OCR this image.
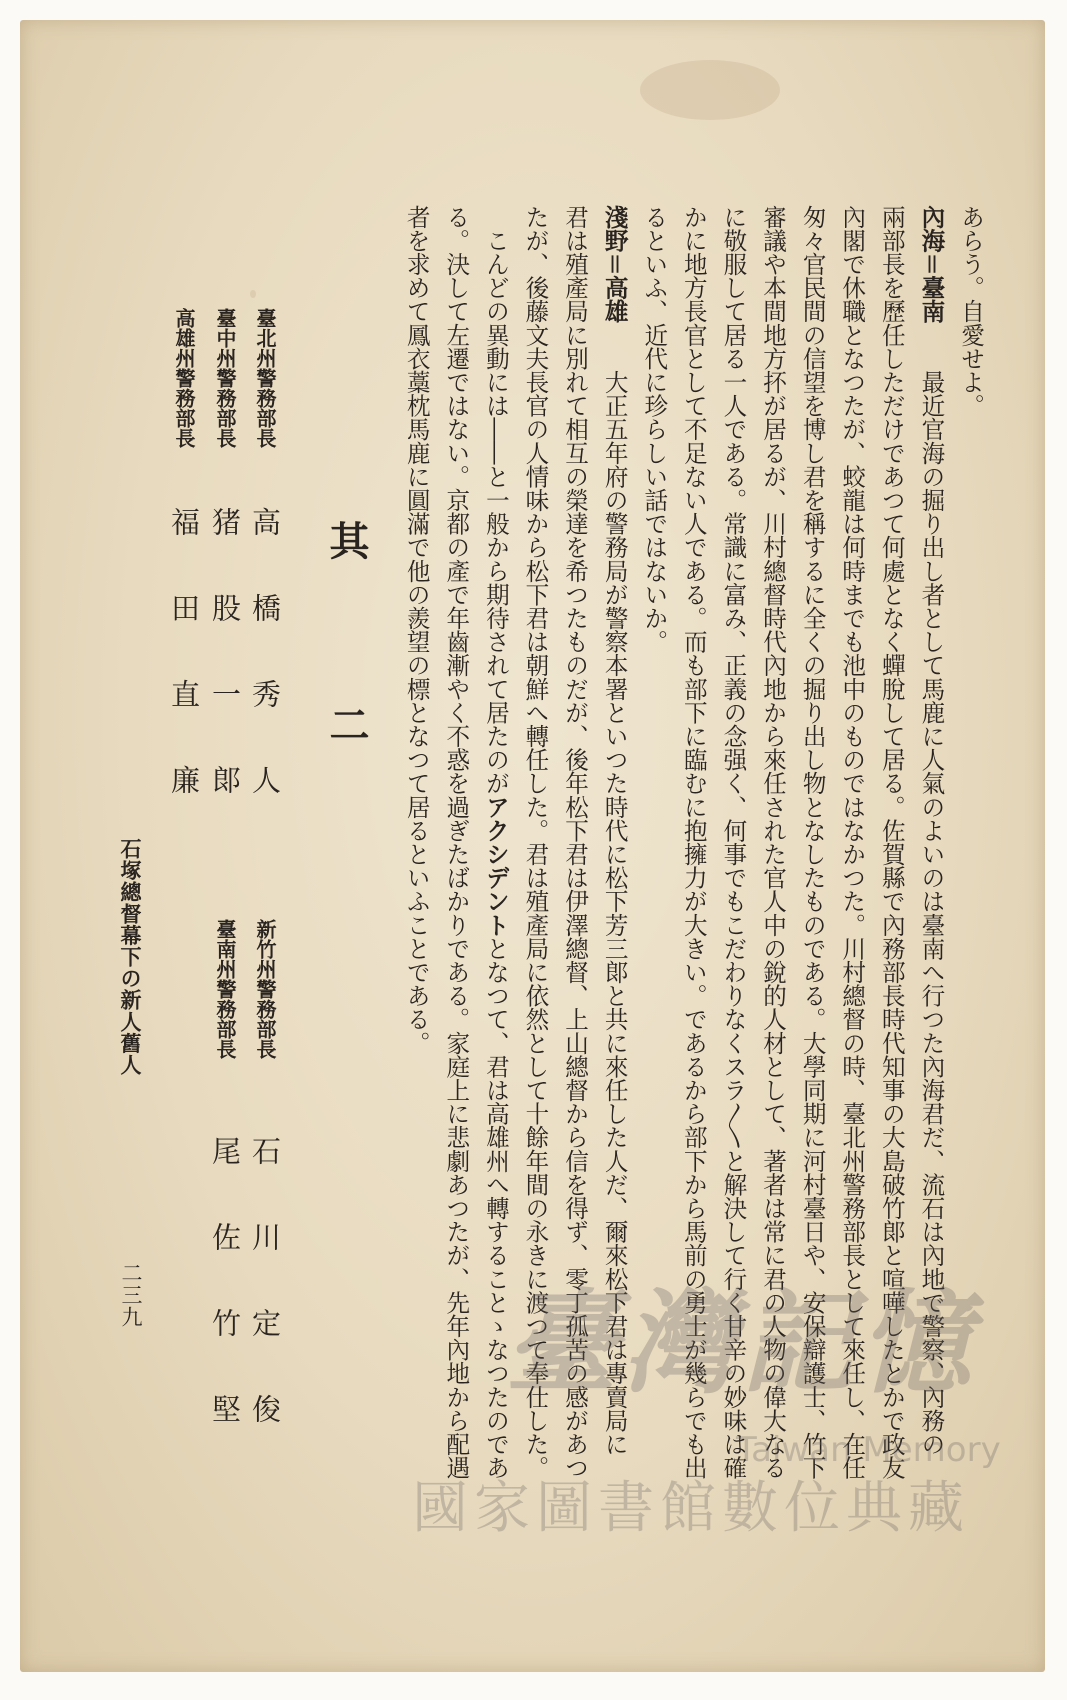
あらう。自愛せよ。
內海＝臺南　　最近官海の掘り出し者として馬鹿に人氣のよいのは臺南へ行つた內海君だ、流石は內地で警察、內務の
兩部長を歷任しただけであつて何處となく蟬脫して居る。佐賀縣で內務部長時代知事の大島破竹郞と喧嘩したとかで政友
內閣で休職となつたが、蛟龍は何時までも池中のものではなかつた。川村總督の時、臺北州警務部長として來任し、在任
匆々官民間の信望を博し君を稱するに全くの掘り出し物となしたものである。大學同期に河村臺日や、安保辯護士、竹下
審議や本間地方抔が居るが、川村總督時代內地から來任された官人中の銳的人材として、著者は常に君の人物の偉大なる
に敬服して居る一人である。常識に富み、正義の念强く、何事でもこだわりなくスラ〳〵と解決して行く甘辛の妙味は確
かに地方長官として不足ない人である。而も部下に臨むに抱擁力が大きい。であるから部下から馬前の勇士が幾らでも出
るといふ、近代に珍らしい話ではないか。
淺野＝高雄　　大正五年府の警務局が警察本署といつた時代に松下芳三郞と共に來任した人だ、爾來松下君は專賣局に
君は殖產局に別れて相互の榮達を希つたものだが、後年松下君は伊澤總督、上山總督から信を得ず、零丁孤苦の感があつ
たが、後藤文夫長官の人情味から松下君は朝鮮へ轉任した。君は殖產局に依然として十餘年間の永きに渡つて奉仕した。
　こんどの異動には――と一般から期待されて居たのがアクシデントとなつて、君は高雄州へ轉することゝなつたのであ
る。決して左遷ではない。京都の產で年齒漸やく不惑を過ぎたばかりである。家庭上に悲劇あつたが、先年內地から配遇
者を求めて鳳衣藁枕馬鹿に圓滿で他の羨望の標となつて居るといふことである。
其　二
臺北州警務部長
高橋秀人
臺中州警務部長
猪股一郞
高雄州警務部長
福田直廉
新竹州警務部長
石川定俊
臺南州警務部長
尾佐竹堅
石塚總督幕下の新人舊人
二三九	臺灣記憶
Taiwan Memory
國家圖書館數位典藏
